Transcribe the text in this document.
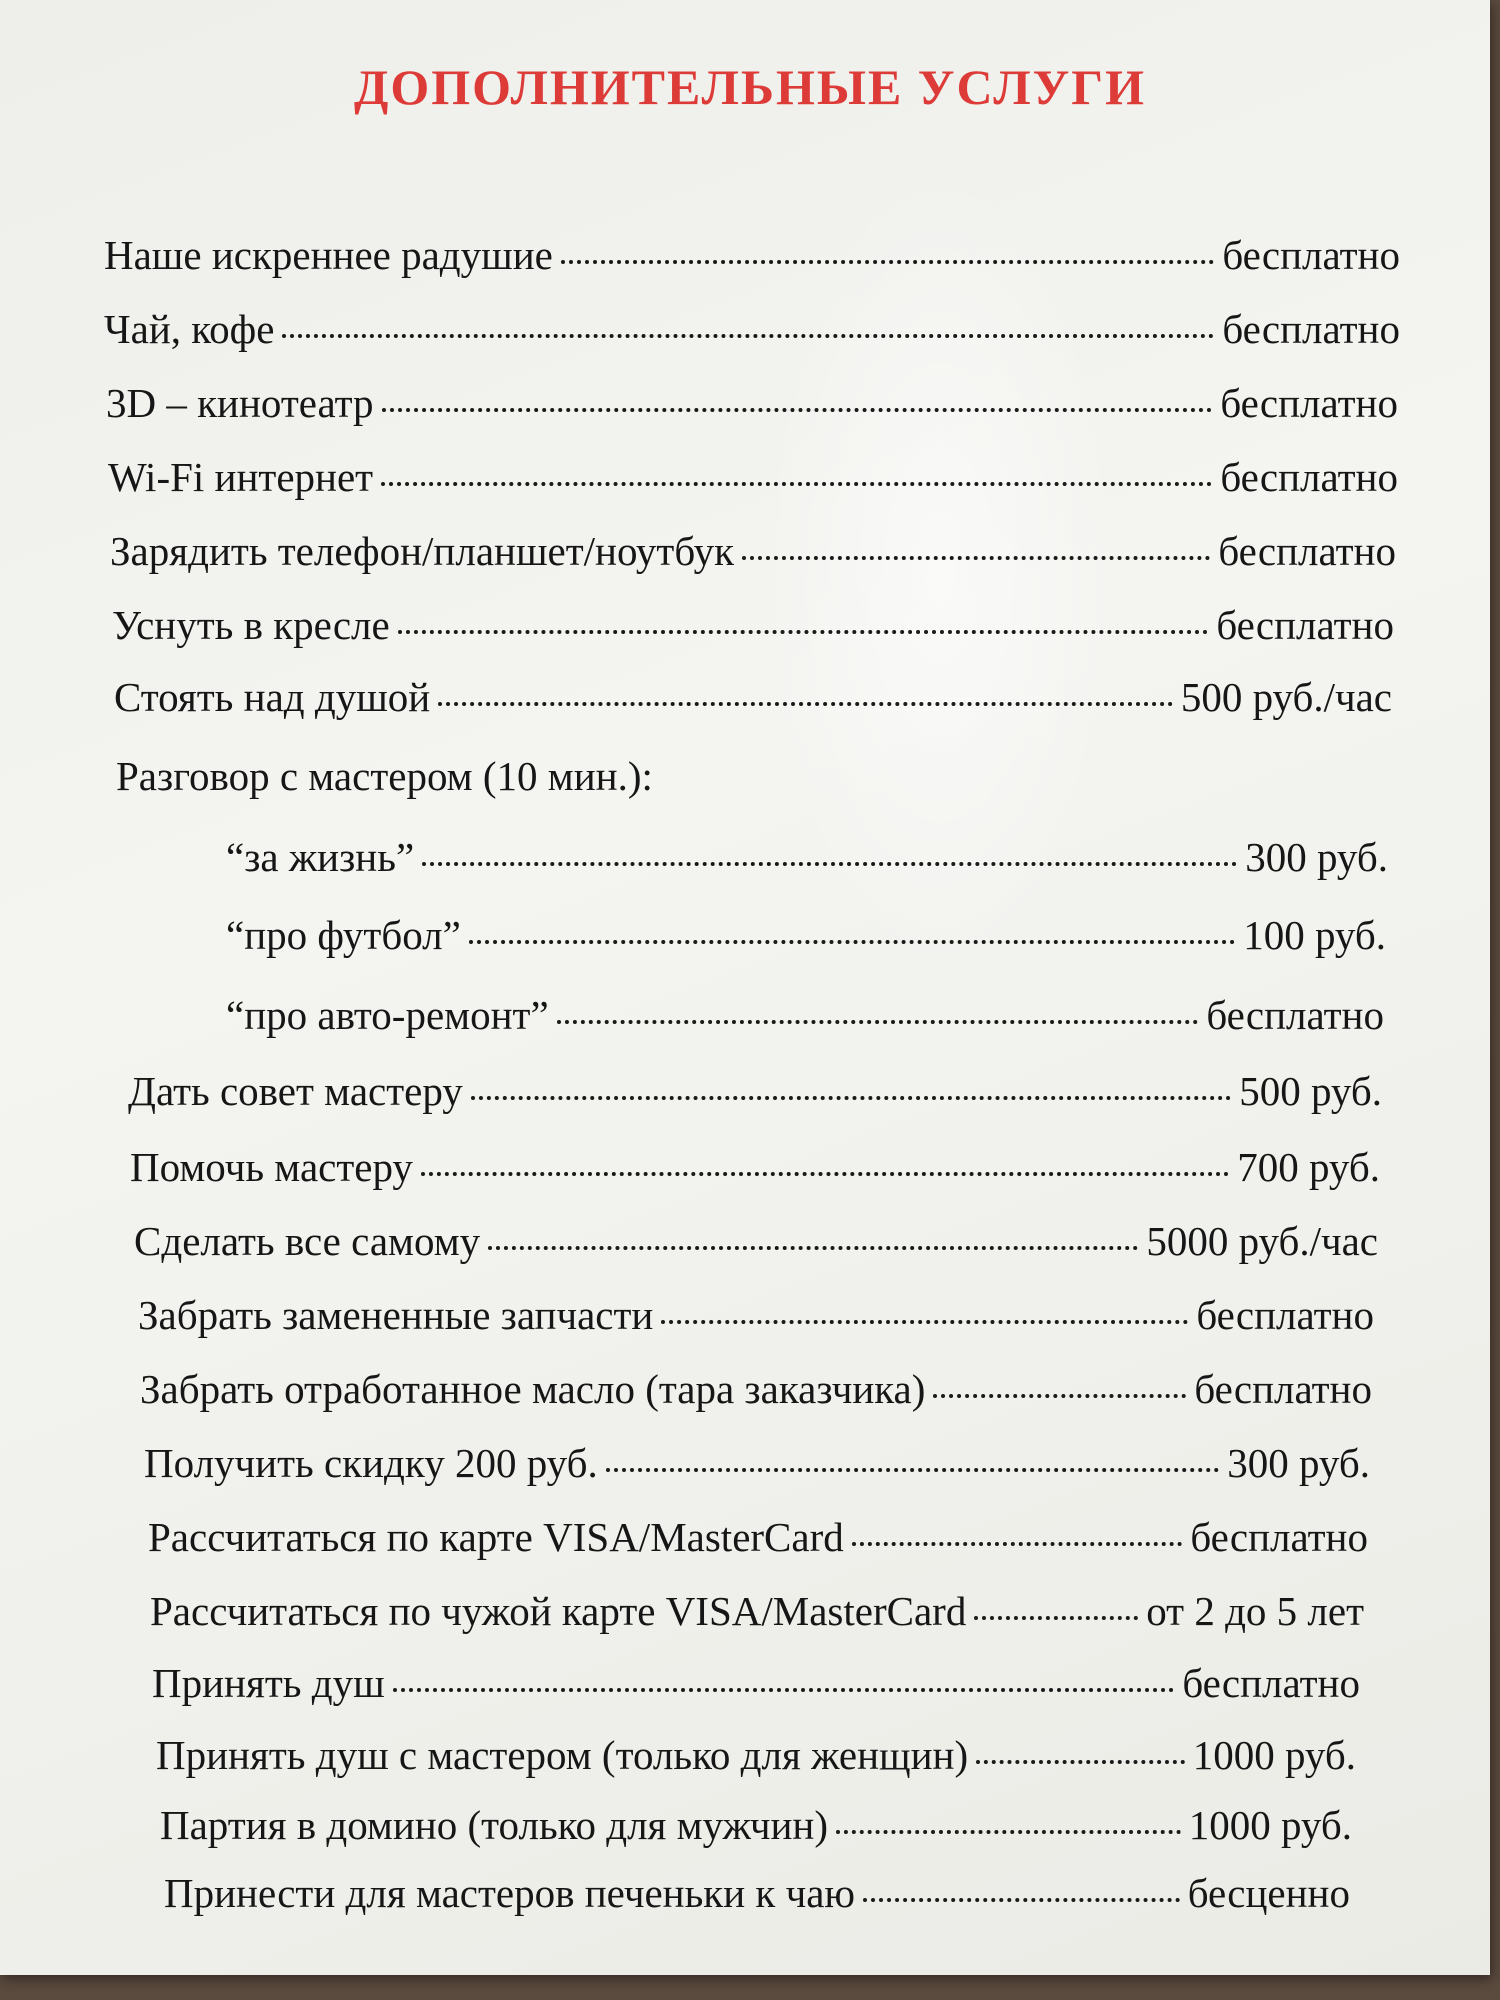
ДОПОЛНИТЕЛЬНЫЕ УСЛУГИ
Наше искреннее радушие	бесплатно
Чай, кофе	бесплатно
3D – кинотеатр	бесплатно
Wi-Fi интернет	бесплатно
Зарядить телефон/планшет/ноутбук	бесплатно
Уснуть в кресле	бесплатно
Стоять над душой	500 руб./час
Разговор с мастером (10 мин.):
“за жизнь”	300 руб.
“про футбол”	100 руб.
“про авто-ремонт”	бесплатно
Дать совет мастеру	500 руб.
Помочь мастеру	700 руб.
Сделать все самому	5000 руб./час
Забрать замененные запчасти	бесплатно
Забрать отработанное масло (тара заказчика)	бесплатно
Получить скидку 200 руб.	300 руб.
Рассчитаться по карте VISA/MasterCard	бесплатно
Рассчитаться по чужой карте VISA/MasterCard	от 2 до 5 лет
Принять душ	бесплатно
Принять душ с мастером (только для женщин)	1000 руб.
Партия в домино (только для мужчин)	1000 руб.
Принести для мастеров печеньки к чаю	бесценно
